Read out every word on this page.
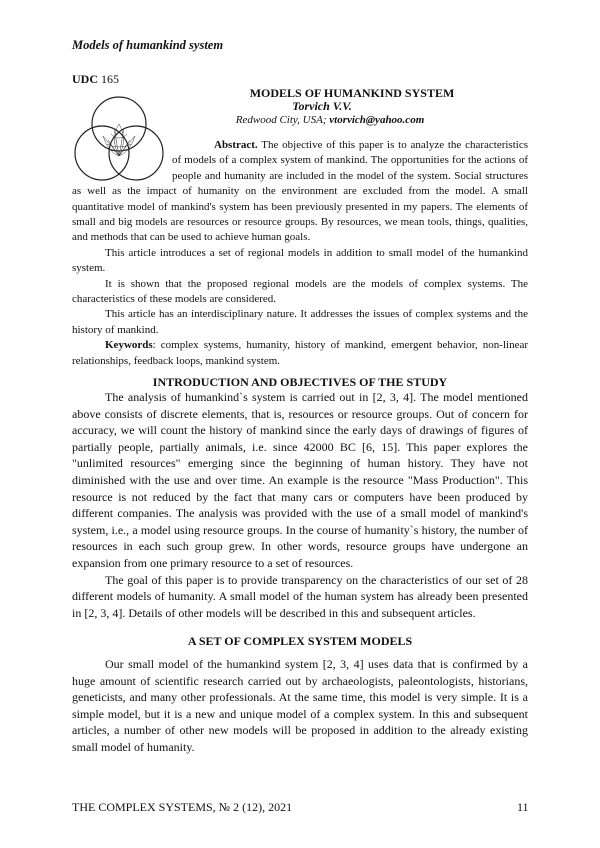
Models of humankind system
UDC 165
MODELS OF HUMANKIND SYSTEM
Torvich V.V.
Redwood City, USA; vtorvich@yahoo.com

Abstract. The objective of this paper is to analyze the characteristics of models of a complex system of mankind. The opportunities for the actions of people and humanity are included in the model of the system. Social structures as well as the impact of humanity on the environment are excluded from the model. A small quantitative model of mankind's system has been previously presented in my papers. The elements of small and big models are resources or resource groups. By resources, we mean tools, things, qualities, and methods that can be used to achieve human goals.

This article introduces a set of regional models in addition to small model of the humankind system.

It is shown that the proposed regional models are the models of complex systems. The characteristics of these models are considered.

This article has an interdisciplinary nature. It addresses the issues of complex systems and the history of mankind.

Keywords: complex systems, humanity, history of mankind, emergent behavior, non-linear relationships, feedback loops, mankind system.

INTRODUCTION AND OBJECTIVES OF THE STUDY

The analysis of humankind`s system is carried out in [2, 3, 4]. The model mentioned above consists of discrete elements, that is, resources or resource groups. Out of concern for accuracy, we will count the history of mankind since the early days of drawings of figures of partially people, partially animals, i.e. since 42000 BC [6, 15]. This paper explores the "unlimited resources" emerging since the beginning of human history. They have not diminished with the use and over time. An example is the resource "Mass Production". This resource is not reduced by the fact that many cars or computers have been produced by different companies. The analysis was provided with the use of a small model of mankind's system, i.e., a model using resource groups. In the course of humanity`s history, the number of resources in each such group grew. In other words, resource groups have undergone an expansion from one primary resource to a set of resources.

The goal of this paper is to provide transparency on the characteristics of our set of 28 different models of humanity. A small model of the human system has already been presented in [2, 3, 4]. Details of other models will be described in this and subsequent articles.

A SET OF COMPLEX SYSTEM MODELS

Our small model of the humankind system [2, 3, 4] uses data that is confirmed by a huge amount of scientific research carried out by archaeologists, paleontologists, historians, geneticists, and many other professionals. At the same time, this model is very simple. It is a simple model, but it is a new and unique model of a complex system. In this and subsequent articles, a number of other new models will be proposed in addition to the already existing small model of humanity.

THE COMPLEX SYSTEMS, № 2 (12), 2021	11
